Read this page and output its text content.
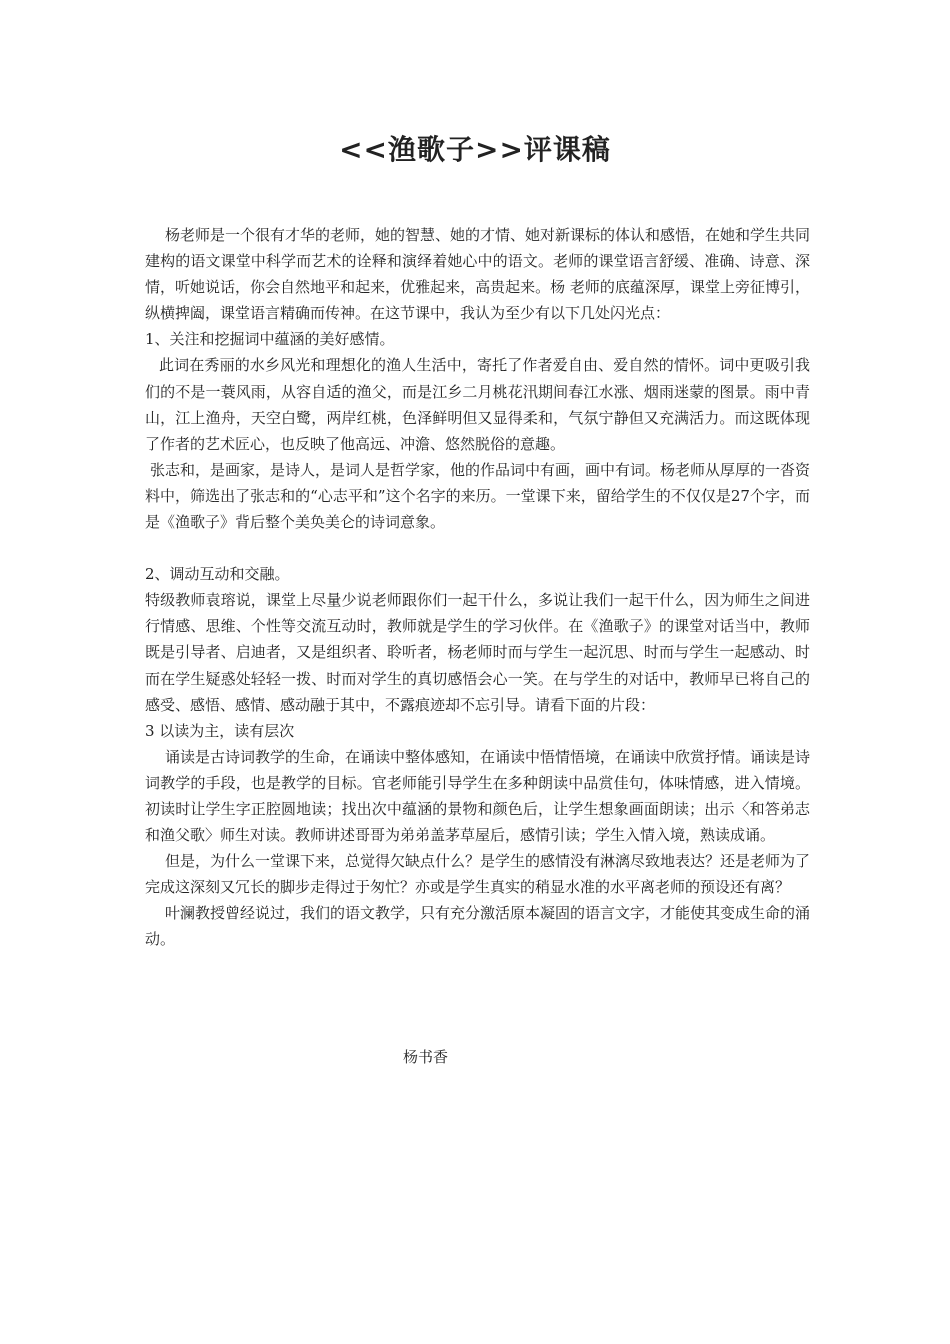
<<渔歌子>>评课稿

杨老师是一个很有才华的老师，她的智慧、她的才情、她对新课标的体认和感悟，在她和学生共同建构的语文课堂中科学而艺术的诠释和演绎着她心中的语文。老师的课堂语言舒缓、准确、诗意、深情，听她说话，你会自然地平和起来，优雅起来，高贵起来。杨 老师的底蕴深厚，课堂上旁征博引，纵横捭阖，课堂语言精确而传神。在这节课中，我认为至少有以下几处闪光点：

1、关注和挖掘词中蕴涵的美好感情。

此词在秀丽的水乡风光和理想化的渔人生活中，寄托了作者爱自由、爱自然的情怀。词中更吸引我们的不是一蓑风雨，从容自适的渔父，而是江乡二月桃花汛期间春江水涨、烟雨迷蒙的图景。雨中青山，江上渔舟，天空白鹭，两岸红桃，色泽鲜明但又显得柔和，气氛宁静但又充满活力。而这既体现了作者的艺术匠心，也反映了他高远、冲澹、悠然脱俗的意趣。

张志和，是画家，是诗人，是词人是哲学家，他的作品词中有画，画中有词。杨老师从厚厚的一沓资料中，筛选出了张志和的“心志平和”这个名字的来历。一堂课下来，留给学生的不仅仅是27个字，而是《渔歌子》背后整个美奂美仑的诗词意象。

2、调动互动和交融。

特级教师袁瑢说，课堂上尽量少说老师跟你们一起干什么，多说让我们一起干什么，因为师生之间进行情感、思维、个性等交流互动时，教师就是学生的学习伙伴。在《渔歌子》的课堂对话当中，教师既是引导者、启迪者，又是组织者、聆听者，杨老师时而与学生一起沉思、时而与学生一起感动、时而在学生疑惑处轻轻一拨、时而对学生的真切感悟会心一笑。在与学生的对话中，教师早已将自己的感受、感悟、感情、感动融于其中，不露痕迹却不忘引导。请看下面的片段：

3 以读为主，读有层次

诵读是古诗词教学的生命，在诵读中整体感知，在诵读中悟情悟境，在诵读中欣赏抒情。诵读是诗词教学的手段，也是教学的目标。官老师能引导学生在多种朗读中品赏佳句，体味情感，进入情境。初读时让学生字正腔圆地读；找出次中蕴涵的景物和颜色后，让学生想象画面朗读；出示〈和答弟志和渔父歌〉师生对读。教师讲述哥哥为弟弟盖茅草屋后，感情引读；学生入情入境，熟读成诵。

但是，为什么一堂课下来，总觉得欠缺点什么？是学生的感情没有淋漓尽致地表达？还是老师为了完成这深刻又冗长的脚步走得过于匆忙？亦或是学生真实的稍显水准的水平离老师的预设还有离？

叶澜教授曾经说过，我们的语文教学，只有充分激活原本凝固的语言文字，才能使其变成生命的涌动。

杨书香
